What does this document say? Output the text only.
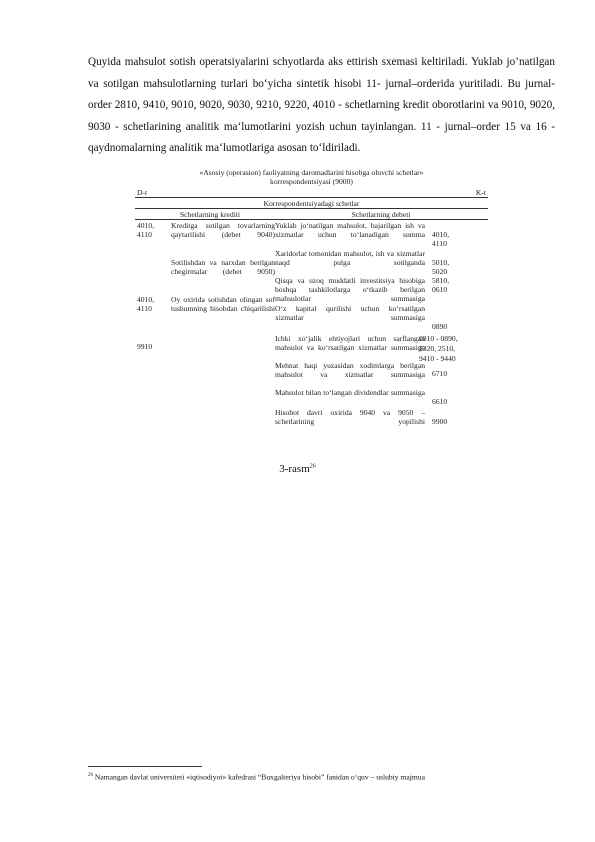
Quyida mahsulot sotish operatsiyalarini schyotlarda aks ettirish sxemasi keltiriladi. Yuklab jo’natilgan va sotilgan mahsulotlarning turlari bo‘yicha sintetik hisobi 11- jurnal–orderida yuritiladi. Bu jurnal- order 2810, 9410, 9010, 9020, 9030, 9210, 9220, 4010 - schetlarning kredit oborotlarini va 9010, 9020, 9030 - schetlarining analitik ma‘lumotlarini yozish uchun tayinlangan. 11 - jurnal–order 15 va 16 - qaydnomalarning analitik ma‘lumotlariga asosan to‘ldiriladi.
«Asosiy (operasion) faoliyatning daromadlarini hisobga oluvchi schetlar»
korrespondentsiyasi (9000)
D-t	K-t
Korrespondentsiyadagi schetlar
Schetlarning krediti	Schetlarning debeti
4010,
4110
Kreditga sotilgan tovarlarning qaytarilishi (debet 9040)
Sotilishdan va narxdan berilgan chegirmalar (debet 9050)
4010,
4110
Oy oxirida sotishdan olingan sof tushumning hisobdan chiqarilishi
9910
Yuklab jo‘natilgan mahsulot, bajarilgan ish va xizmatlar uchun to‘lanadigan summa 4010,
4110
Xaridorlar tomonidan mahsulot, ish va xizmatlar naqd pulga sotilganda 5010,
5020
Qisqa va uzoq muddatli investitsiya hisobiga boshqa tashkilotlarga o‘tkazib berilgan mahsulotlar summasiga
5810,
0610
O‘z kapital qurilishi uchun ko‘rsatilgan xizmatlar summasiga
0890
Ichki xo‘jalik ehtiyojlari uchun sarflangan mahsulot va ko‘rsatilgan xizmatlar summasiga
0810 - 0890,
2320, 2510,
9410 - 9440
Mehnat haqi yuzasidan xodimlarga berilgan mahsulot va xizmatlar summasiga 6710
Mahsulot bilan to‘langan dividendlar summasiga
6610
Hisobot davri oxirida 9040 va 9050 – schetlarining yopilishi 9900
3-rasm$^{26}$
$^{26}$ Namangan davlat universiteti «iqtisodiyot» kafedrasi “Buxgalteriya hisobi” fanidan o‘quv – uslubiy majmua
